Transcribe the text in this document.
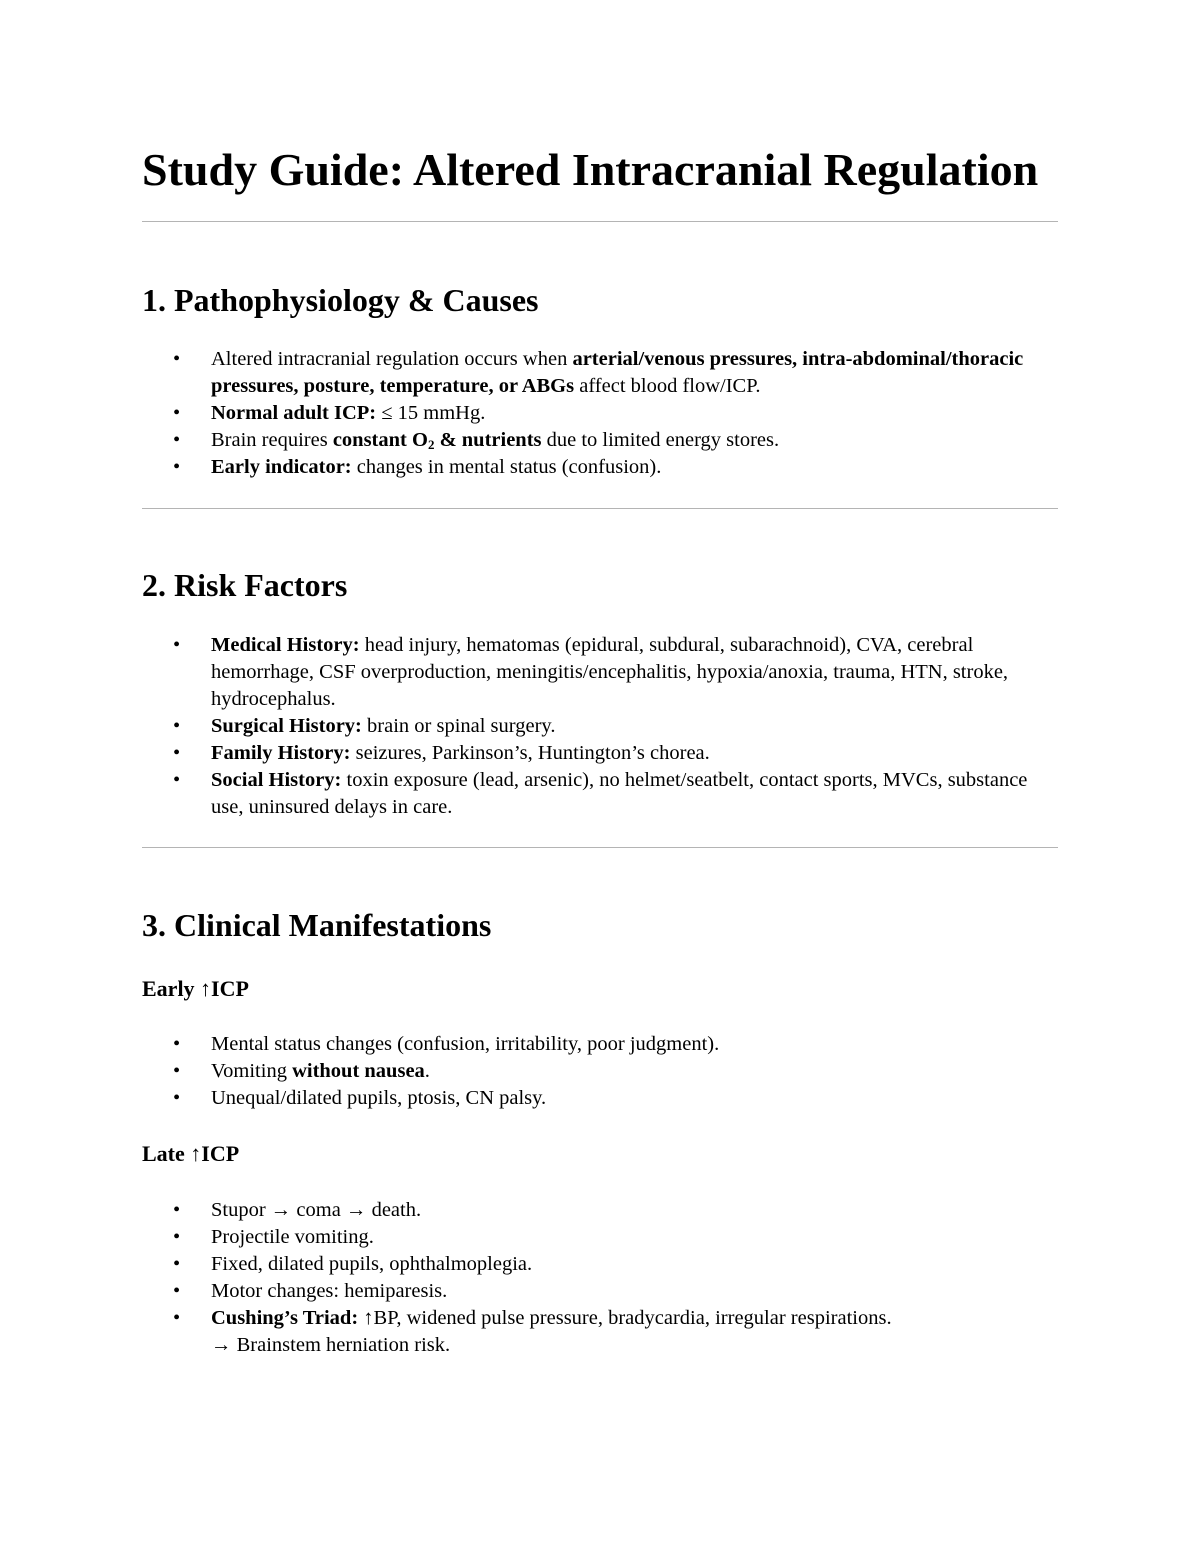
Study Guide: Altered Intracranial Regulation
1. Pathophysiology & Causes
• Altered intracranial regulation occurs when arterial/venous pressures, intra-abdominal/thoracic pressures, posture, temperature, or ABGs affect blood flow/ICP.
• Normal adult ICP: ≤ 15 mmHg.
• Brain requires constant $O_2$ & nutrients due to limited energy stores.
• Early indicator: changes in mental status (confusion).
2. Risk Factors
• Medical History: head injury, hematomas (epidural, subdural, subarachnoid), CVA, cerebral hemorrhage, CSF overproduction, meningitis/encephalitis, hypoxia/anoxia, trauma, HTN, stroke, hydrocephalus.
• Surgical History: brain or spinal surgery.
• Family History: seizures, Parkinson’s, Huntington’s chorea.
• Social History: toxin exposure (lead, arsenic), no helmet/seatbelt, contact sports, MVCs, substance use, uninsured delays in care.
3. Clinical Manifestations
Early ↑ICP
• Mental status changes (confusion, irritability, poor judgment).
• Vomiting without nausea.
• Unequal/dilated pupils, ptosis, CN palsy.
Late ↑ICP
• Stupor → coma → death.
• Projectile vomiting.
• Fixed, dilated pupils, ophthalmoplegia.
• Motor changes: hemiparesis.
• Cushing’s Triad: ↑BP, widened pulse pressure, bradycardia, irregular respirations.
→ Brainstem herniation risk.
